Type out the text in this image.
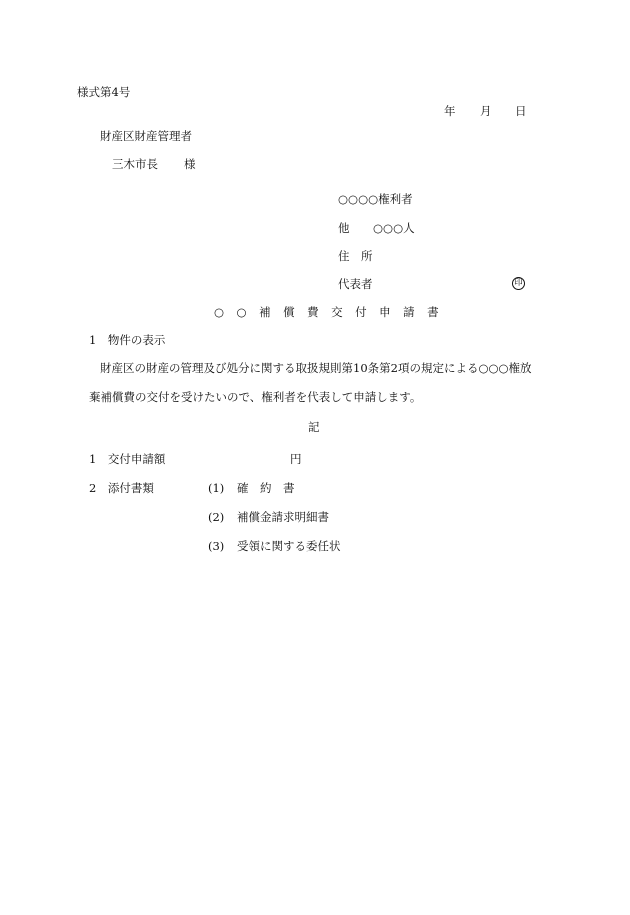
様式第4号
年 月 日
財産区財産管理者
三木市長 様
○○○○権利者
他 ○○○人
住　所
代表者	印
○　○　補　償　費　交　付　申　請　書
1　物件の表示
財産区の財産の管理及び処分に関する取扱規則第10条第2項の規定による○○○権放
棄補償費の交付を受けたいので、権利者を代表して申請します。
記
1　交付申請額	円
2　添付書類	(1) 確　約　書
(2) 補償金請求明細書
(3) 受領に関する委任状
